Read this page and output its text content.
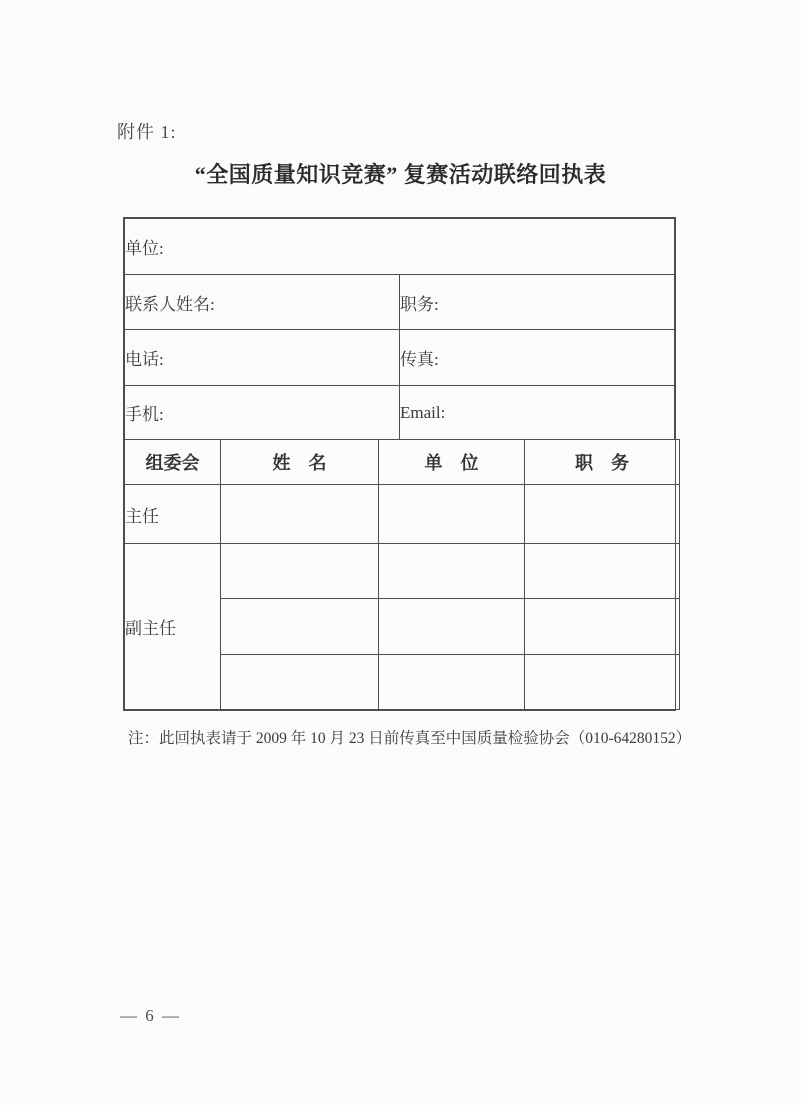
附件 1:
“全国质量知识竞赛” 复赛活动联络回执表
单位:	
联系人姓名:	职务:
电话:	传真:
手机:	Email:
组委会	姓　名	单　位	职　务
主任			
副主任			

注：此回执表请于 2009 年 10 月 23 日前传真至中国质量检验协会（010-64280152）
— 6 —
